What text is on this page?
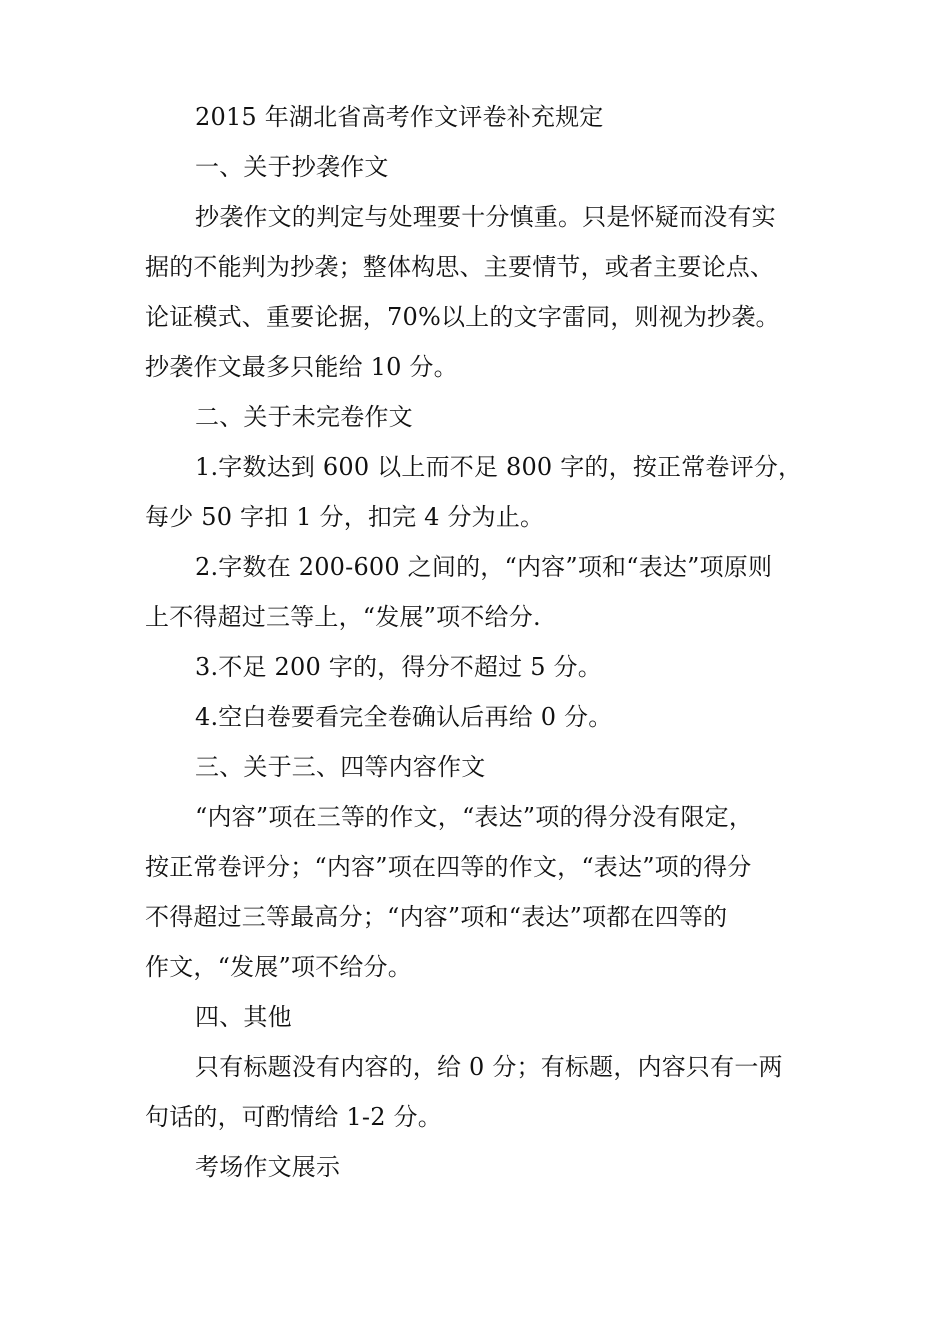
2015 年湖北省高考作文评卷补充规定
一、关于抄袭作文
抄袭作文的判定与处理要十分慎重。只是怀疑而没有实
据的不能判为抄袭；整体构思、主要情节，或者主要论点、
论证模式、重要论据，70%以上的文字雷同，则视为抄袭。
抄袭作文最多只能给 10 分。
二、关于未完卷作文
1.字数达到 600 以上而不足 800 字的，按正常卷评分，
每少 50 字扣 1 分，扣完 4 分为止。
2.字数在 200-600 之间的，“内容”项和“表达”项原则
上不得超过三等上，“发展”项不给分.
3.不足 200 字的，得分不超过 5 分。
4.空白卷要看完全卷确认后再给 0 分。
三、关于三、四等内容作文
“内容”项在三等的作文，“表达”项的得分没有限定，
按正常卷评分；“内容”项在四等的作文，“表达”项的得分
不得超过三等最高分；“内容”项和“表达”项都在四等的
作文，“发展”项不给分。
四、其他
只有标题没有内容的，给 0 分；有标题，内容只有一两
句话的，可酌情给 1-2 分。
考场作文展示
